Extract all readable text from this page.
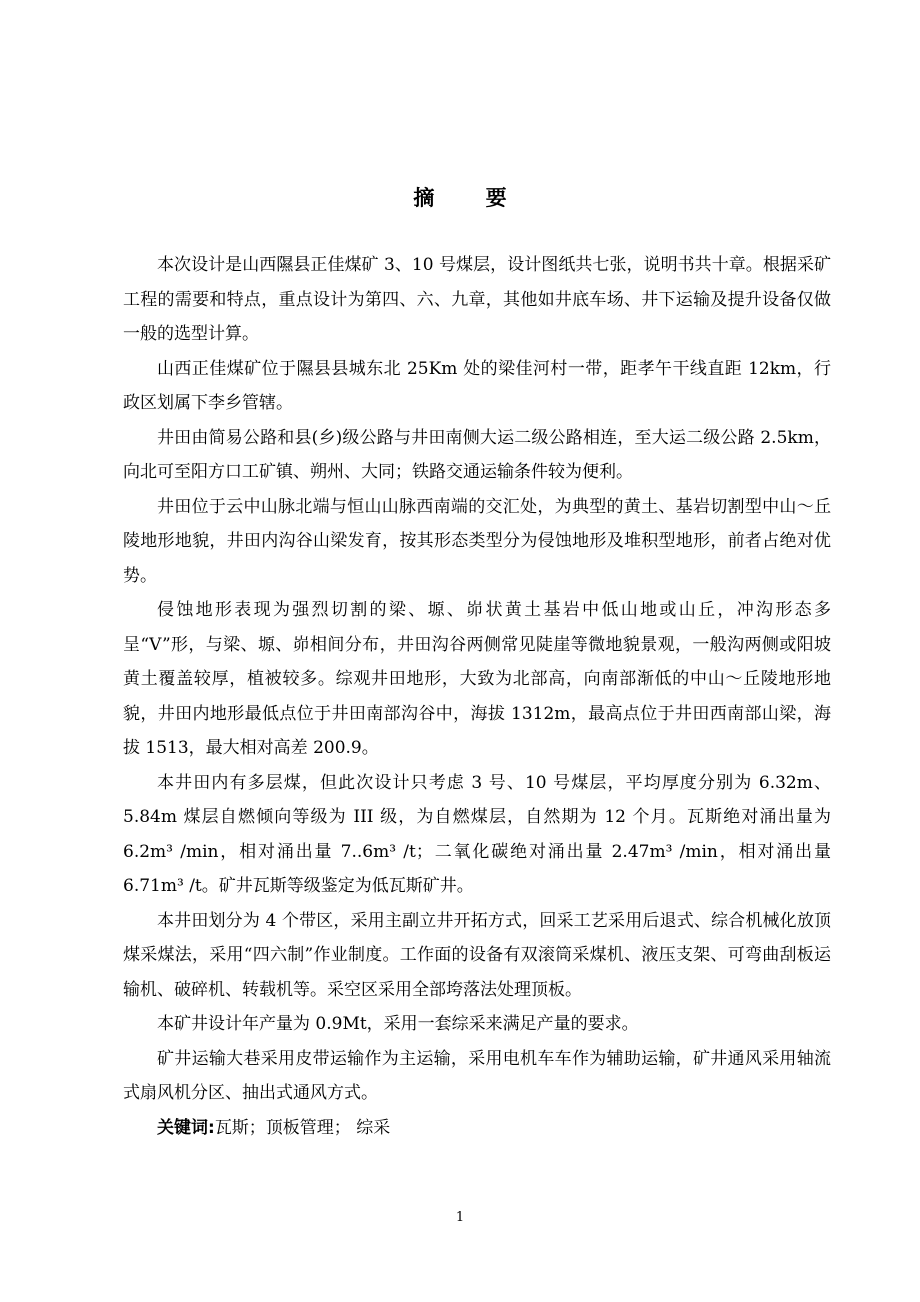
摘 要

本次设计是山西隰县正佳煤矿 3、10 号煤层，设计图纸共七张，说明书共十章。根据采矿工程的需要和特点，重点设计为第四、六、九章，其他如井底车场、井下运输及提升设备仅做一般的选型计算。

山西正佳煤矿位于隰县县城东北 25Km 处的梁佳河村一带，距孝午干线直距 12km，行政区划属下李乡管辖。

井田由简易公路和县(乡)级公路与井田南侧大运二级公路相连，至大运二级公路 2.5km，向北可至阳方口工矿镇、朔州、大同；铁路交通运输条件较为便利。

井田位于云中山脉北端与恒山山脉西南端的交汇处，为典型的黄土、基岩切割型中山～丘陵地形地貌，井田内沟谷山梁发育，按其形态类型分为侵蚀地形及堆积型地形，前者占绝对优势。

侵蚀地形表现为强烈切割的梁、塬、峁状黄土基岩中低山地或山丘，冲沟形态多呈“V”形，与梁、塬、峁相间分布，井田沟谷两侧常见陡崖等微地貌景观，一般沟两侧或阳坡黄土覆盖较厚，植被较多。综观井田地形，大致为北部高，向南部渐低的中山～丘陵地形地貌，井田内地形最低点位于井田南部沟谷中，海拔 1312m，最高点位于井田西南部山梁，海拔 1513，最大相对高差 200.9。

本井田内有多层煤，但此次设计只考虑 3 号、10 号煤层，平均厚度分别为 6.32m、5.84m 煤层自燃倾向等级为 III 级，为自燃煤层，自然期为 12 个月。瓦斯绝对涌出量为 6.2m³ /min，相对涌出量 7..6m³ /t；二氧化碳绝对涌出量 2.47m³ /min，相对涌出量 6.71m³ /t。矿井瓦斯等级鉴定为低瓦斯矿井。

本井田划分为 4 个带区，采用主副立井开拓方式，回采工艺采用后退式、综合机械化放顶煤采煤法，采用“四六制”作业制度。工作面的设备有双滚筒采煤机、液压支架、可弯曲刮板运输机、破碎机、转载机等。采空区采用全部垮落法处理顶板。

本矿井设计年产量为 0.9Mt，采用一套综采来满足产量的要求。

矿井运输大巷采用皮带运输作为主运输，采用电机车车作为辅助运输，矿井通风采用轴流式扇风机分区、抽出式通风方式。

关键词:瓦斯；顶板管理； 综采

1
